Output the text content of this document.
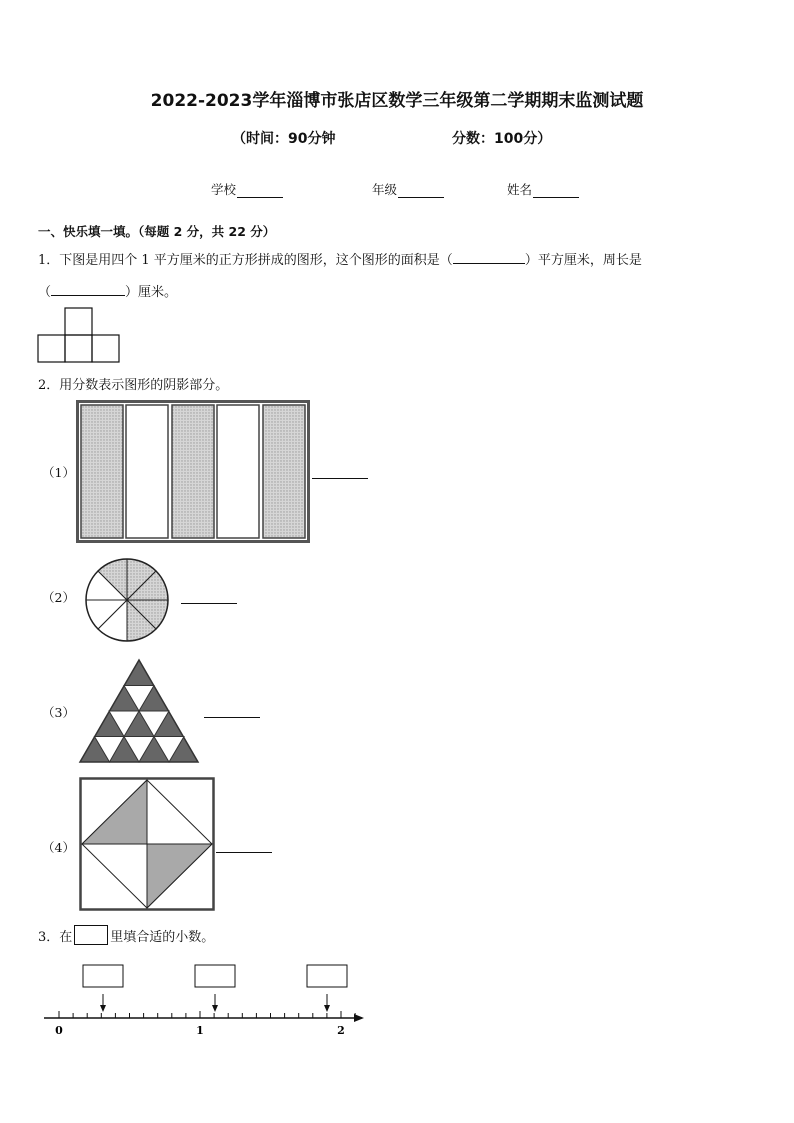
2022-2023学年淄博市张店区数学三年级第二学期期末监测试题
（时间：90分钟	分数：100分）
学校	年级	姓名
一、快乐填一填。（每题 2 分，共 22 分）
1．下图是用四个 1 平方厘米的正方形拼成的图形，这个图形的面积是（	）平方厘米，周长是
（	）厘米。
2．用分数表示图形的阴影部分。
（1）
（2）
（3）
（4）
3．在	里填合适的小数。
0	1	2
